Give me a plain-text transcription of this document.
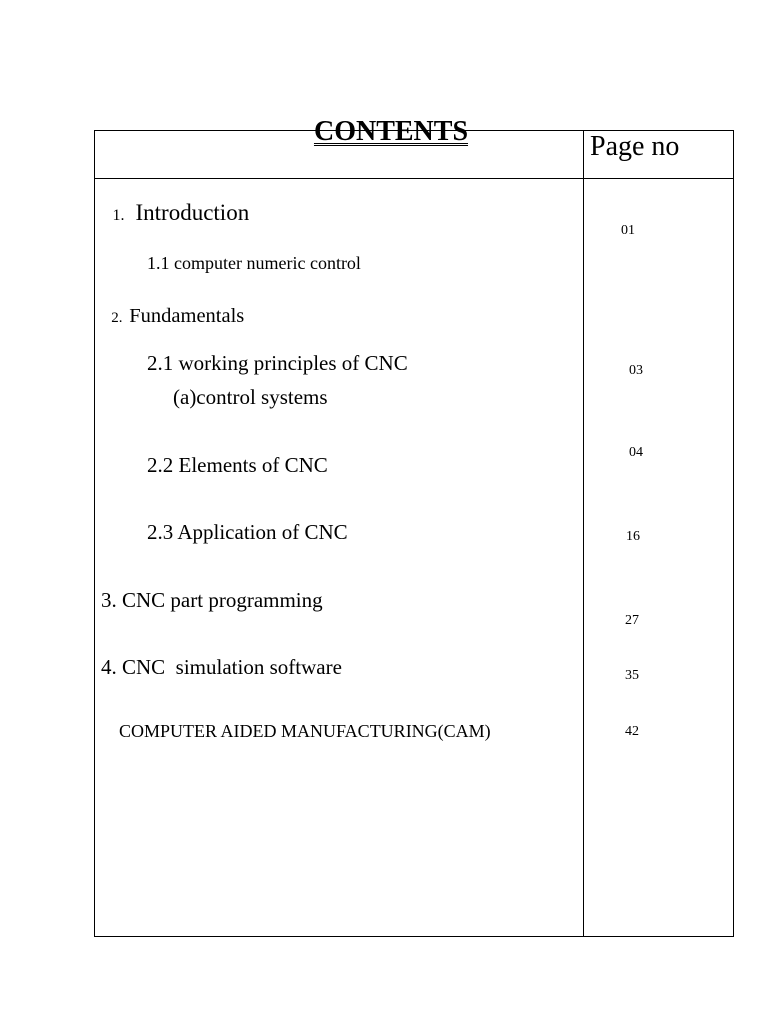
CONTENTS	Page no

1. Introduction

1.1 computer numeric control

2. Fundamentals

2.1 working principles of CNC
(a)control systems
2.2 Elements of CNC
2.3 Application of CNC
3. CNC part programming
4. CNC  simulation software
COMPUTER AIDED MANUFACTURING(CAM)
01
03
04
16
27
35
42
